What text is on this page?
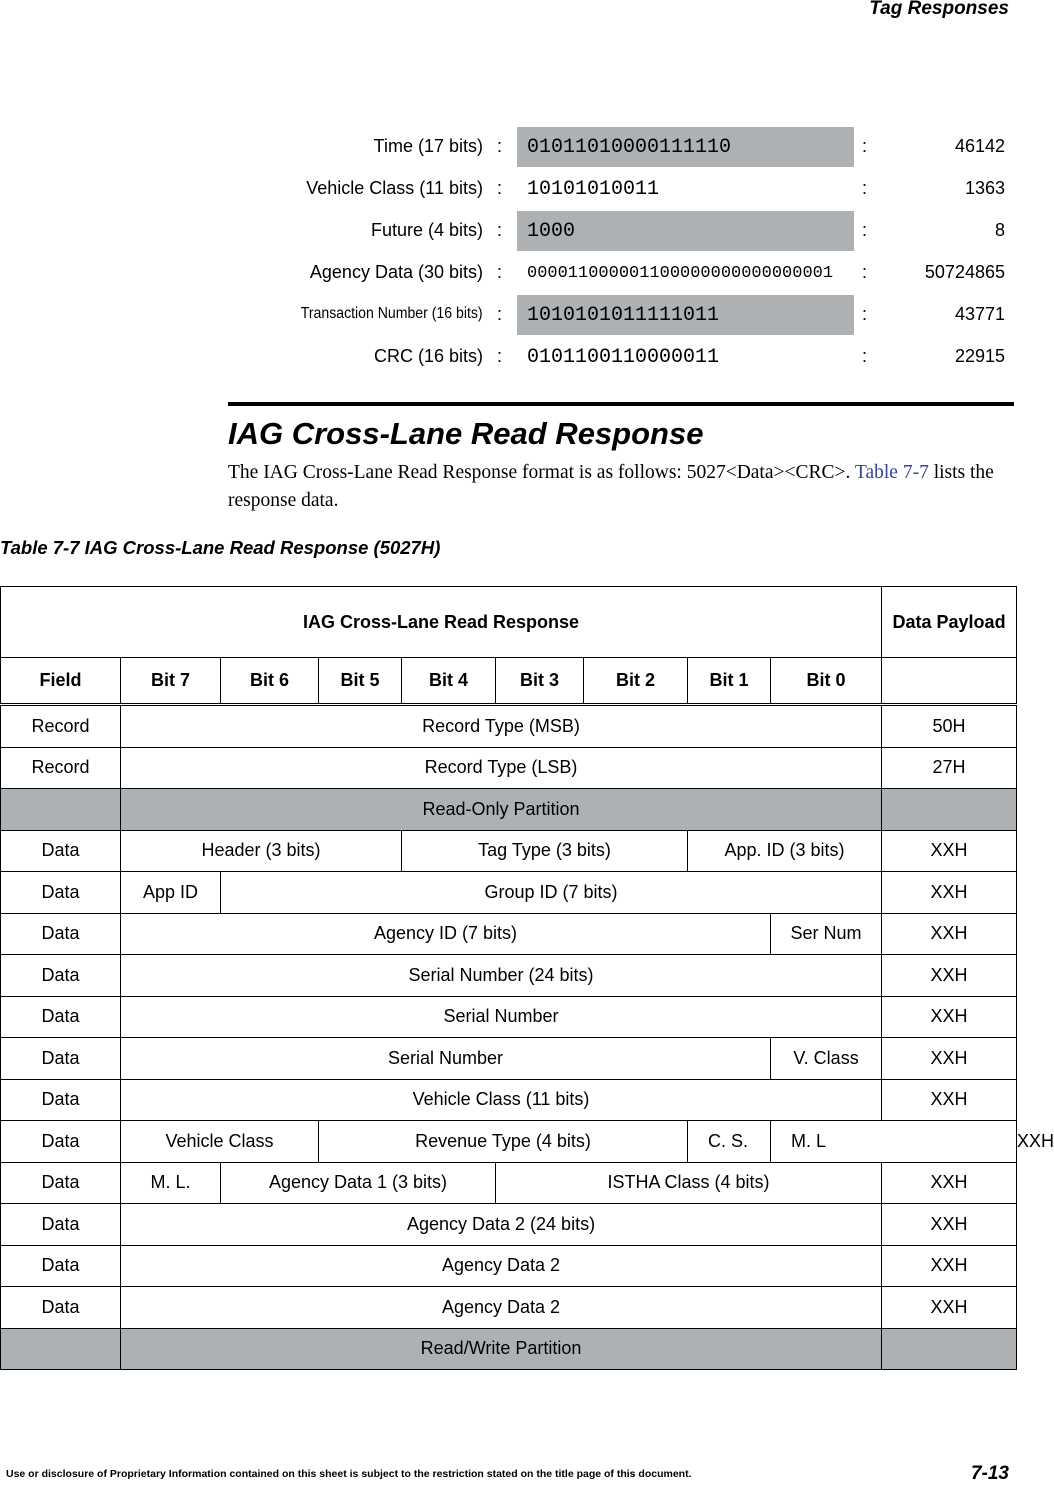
Tag Responses
Time (17 bits) : 01011010000111110	:	46142
Vehicle Class (11 bits) : 10101010011	:	1363
Future (4 bits) : 1000	:	8
Agency Data (30 bits) : 000011000001100000000000000001 :	50724865
Transaction Number (16 bits) : 1010101011111011	:	43771
CRC (16 bits) : 0101100110000011	:	22915
IAG Cross-Lane Read Response
The IAG Cross-Lane Read Response format is as follows: 5027<Data><CRC>. Table 7-7 lists the response data.
Table 7-7 IAG Cross-Lane Read Response (5027H)
IAG Cross-Lane Read Response									Data Payload	
Field	Bit 7	Bit 6	Bit 5	Bit 4	Bit 3	Bit 2	Bit 1	Bit 0		
Record	Record Type (MSB)								50H	
Record	Record Type (LSB)								27H	
	Read-Only Partition									
Data	Header (3 bits)			Tag Type (3 bits)			App. ID (3 bits)		XXH	
Data	App ID	Group ID (7 bits)							XXH	
Data	Agency ID (7 bits)							Ser Num	XXH	
Data	Serial Number (24 bits)								XXH	
Data	Serial Number								XXH	
Data	Serial Number							V. Class	XXH	
Data	Vehicle Class (11 bits)								XXH	
Data	Vehicle Class		Revenue Type (4 bits)				C. S.	M. L		XXH
Data	M. L.	Agency Data 1 (3 bits)			ISTHA Class (4 bits)				XXH	
Data	Agency Data 2 (24 bits)								XXH	
Data	Agency Data 2								XXH	
Data	Agency Data 2								XXH	
	Read/Write Partition									
Use or disclosure of Proprietary Information contained on this sheet is subject to the restriction stated on the title page of this document.	7-13
